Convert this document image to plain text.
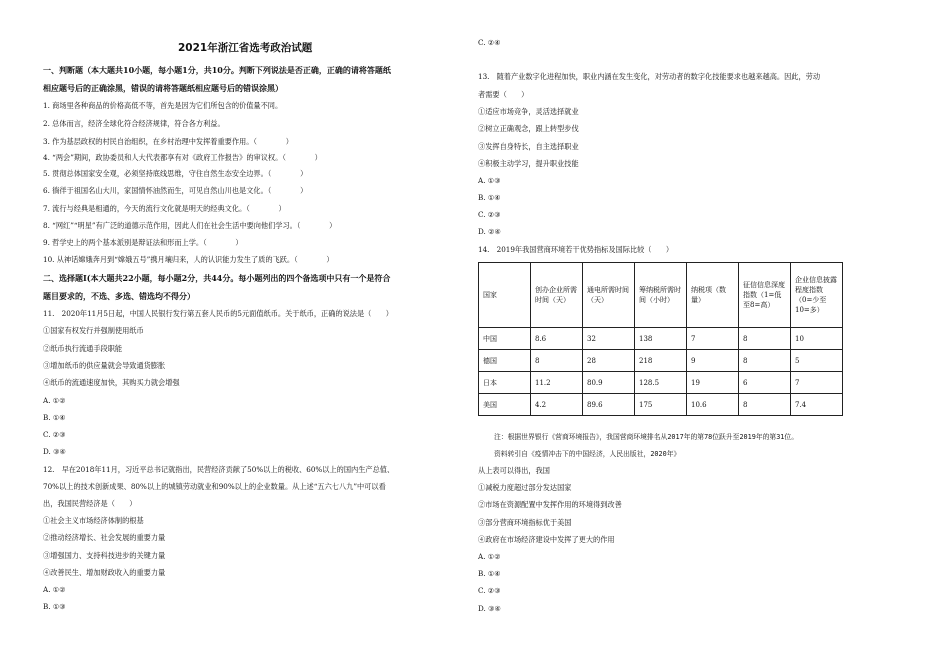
2021年浙江省选考政治试题
一、判断题（本大题共10小题，每小题1分，共10分。判断下列说法是否正确，正确的请将答题纸
相应题号后的正确涂黑，错误的请将答题纸相应题号后的错误涂黑）
1. 商场里各种商品的价格高低不等，首先是因为它们所包含的价值量不同。
2. 总体而言，经济全球化符合经济规律，符合各方利益。
3. 作为基层政权的村民自治组织，在乡村治理中发挥着重要作用。（　　　　）
4. “两会”期间，政协委员和人大代表都享有对《政府工作报告》的审议权。（　　　　）
5. 贯彻总体国家安全观，必须坚持底线思维，守住自然生态安全边界。（　　　　）
6. 徜徉于祖国名山大川，家国情怀油然而生，可见自然山川也是文化。（　　　　）
7. 流行与经典是相通的，今天的流行文化就是明天的经典文化。（　　　　）
8. “网红”“明星”有广泛的道德示范作用，因此人们在社会生活中要向他们学习。（　　　　）
9. 哲学史上的两个基本派别是辩证法和形而上学。（　　　　）
10. 从神话嫦娥奔月到“嫦娥五号”携月壤归来，人的认识能力发生了质的飞跃。（　　　　）
二、选择题Ⅰ(本大题共22小题，每小题2分，共44分。每小题列出的四个备选项中只有一个是符合
题目要求的，不选、多选、错选均不得分）
11.　2020年11月5日起，中国人民银行发行第五套人民币的5元面值纸币。关于纸币，正确的说法是（　　）
①国家有权发行并强制使用纸币
②纸币执行流通手段职能
③增加纸币的供应量就会导致通货膨胀
④纸币的流通速度加快，其购买力就会增强
A. ①②
B. ①④
C. ②③
D. ③④
12.　早在2018年11月，习近平总书记就指出，民营经济贡献了50%以上的税收、60%以上的国内生产总值、
70%以上的技术创新成果、80%以上的城镇劳动就业和90%以上的企业数量。从上述“五六七八九”中可以看
出，我国民营经济是（　　）
①社会主义市场经济体制的根基
②推动经济增长、社会发展的重要力量
③增强国力、支持科技进步的关键力量
④改善民生、增加财政收入的重要力量
A. ①②
B. ①③
C. ②④
13.　随着产业数字化进程加快，职业内涵在发生变化，对劳动者的数字化技能要求也越来越高。因此，劳动
者需要（　　）
①适应市场竞争，灵活选择就业
②树立正确观念，跟上转型步伐
③发挥自身特长，自主选择职业
④积极主动学习，提升职业技能
A. ①③
B. ①④
C. ②③
D. ②④
14.　2019年我国营商环境若干优势指标及国际比较（　　）
国家	创办企业所需时间（天）	通电所需时间（天）	筹纳税所需时间（小时）	纳税项（数量）	征信信息深度指数（1=低至8=高）	企业信息披露程度指数（0=少至10=多）
中国	8.6	32	138	7	8	10
德国	8	28	218	9	8	5
日本	11.2	80.9	128.5	19	6	7
美国	4.2	89.6	175	10.6	8	7.4
注：根据世界银行《营商环境报告》，我国营商环境排名从2017年的第78位跃升至2019年的第31位。
资料转引自《疫情冲击下的中国经济，人民出版社，2020年》
从上表可以得出，我国
①减税力度超过部分发达国家
②市场在资源配置中发挥作用的环境得到改善
③部分营商环境指标优于美国
④政府在市场经济建设中发挥了更大的作用
A. ①②
B. ①④
C. ②③
D. ③④
